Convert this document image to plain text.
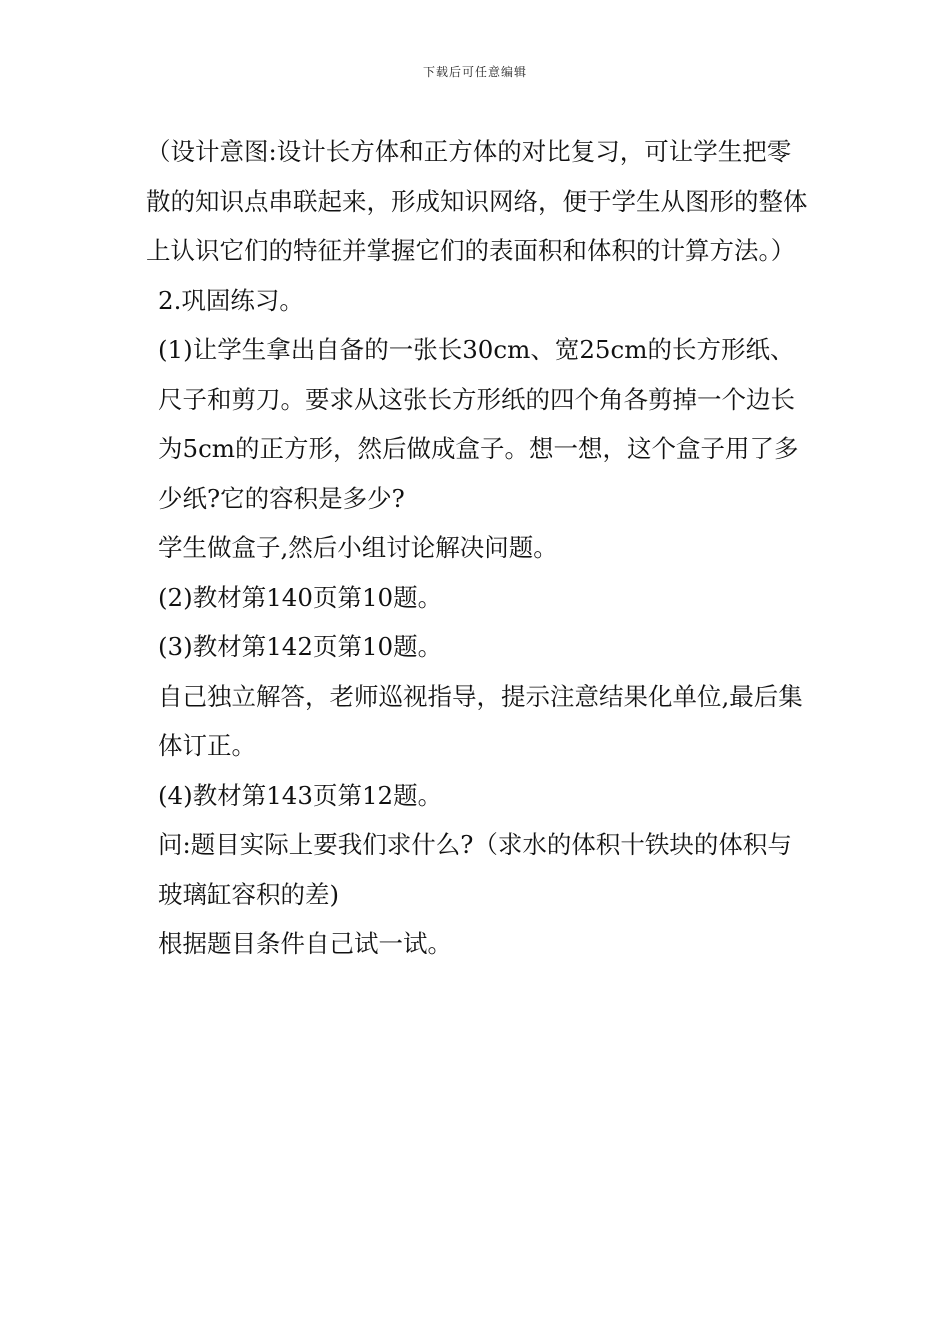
下载后可任意编辑

（设计意图:设计长方体和正方体的对比复习，可让学生把零散的知识点串联起来，形成知识网络，便于学生从图形的整体上认识它们的特征并掌握它们的表面积和体积的计算方法。）

2.巩固练习。

(1)让学生拿出自备的一张长30cm、宽25cm的长方形纸、尺子和剪刀。要求从这张长方形纸的四个角各剪掉一个边长为5cm的正方形，然后做成盒子。想一想，这个盒子用了多少纸?它的容积是多少?

学生做盒子,然后小组讨论解决问题。

(2)教材第140页第10题。

(3)教材第142页第10题。

自己独立解答，老师巡视指导，提示注意结果化单位,最后集体订正。

(4)教材第143页第12题。

问:题目实际上要我们求什么?（求水的体积十铁块的体积与玻璃缸容积的差)

根据题目条件自己试一试。
